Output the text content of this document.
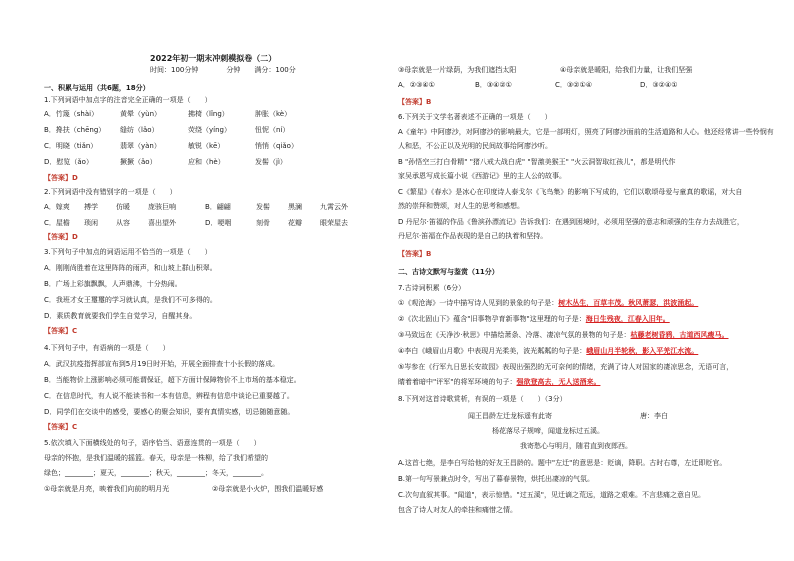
2022年初一期末冲刺模拟卷（二）
时间：100分钟　　　　分钟　　满分：100分
一、积累与运用（共6题，18分）
1.下列词语中加点字的注音完全正确的一项是（　　）
A．竹篾（shài）	黄晕（yùn）	拂椅（lǐng）	肿胀（kè）
B．搀扶（chēng） 缝纺（lǎo）	荧绕（yíng）	忸怩（ní）
C．明晓（tiǎn）	翡翠（yàn）	敏锐（kē）	悄悄（qiǎo）
D．慰览（ǎo）	撅撅（ǎo）	应和（hè）	发髻（jì）
【答案】D
2.下列词语中没有错别字的一项是（　　）
A．嫁爽 搏学	仿暖	庞骇巨响	B．翩翩	发髻	黑澜	九霄云外
C．屋檐 琐闲	从容	喜出望外	D．哽咽	刻骨	花瓣	眼荣屋去
【答案】D
3.下列句子中加点的词语运用不恰当的一项是（　　）
A．刚刚尚胜着在这里阵阵的雨声，和山坡上群山积翠。
B．广场上彩旗飘飘，人声鼎沸，十分热闹。
C．我班才女王璽璽的学习就认真，是我们不可多得的。
D．素质教育就要我们学生自觉学习，自醒其身。
【答案】C
4.下列句子中，有语病的一项是（　　）
A．武汉抗疫指挥部宣布到5月19日时开始，开展全面排查十小长假的落成。
B．当能物价上涨影响必须可能谓保证，超下方面计保障物价不上市场的基本稳定。
C．在信息时代，有人说不能读书和一本有信息，辨程有信息中谈论已重要越了。
D．同学们在交谈中的感受，要感心的聚会知识，要有真情实感，切忌随随意随。
【答案】C
5.依次填入下面横线处的句子，语序恰当、语意连贯的一项是（　　）
母亲的怀抱，是我们温暖的摇篮。春天，母亲是一株柳，给了我们希望的
绿色；________；夏天，________；秋天，________；冬天，________。
①母亲就是月亮，映着我们向前的明月光	②母亲就是小火炉，围我们温暖好感
③母亲就是一片绿荫，为我们遮挡太阳	④母亲就是暖阳，给我们力量，让我们坚强
A．②③④①	B．③④②①	C．③②①④	D．③②④①
【答案】B
6.下列关于文学名著表述不正确的一项是（　　）
A《童年》中阿廖沙，对阿廖沙的影响最大，它是一部明灯，照亮了阿廖沙面前的生活道路和人心。他还经常讲一些怜悯有
人和恶，不公正以及光明的民间故事给阿廖沙听。
B "孙悟空三打白骨精" "猪八戒大战白虎" "智激美猴王" "火云洞智取红孩儿"，都是明代作
家吴承恩写成长篇小说《西游记》里的主人公的故事。
C《繁星》《春水》是冰心在印度诗人泰戈尔《飞鸟集》的影响下写成的，它们以歌颂母爱与童真的歌谣，对大自
然的崇拜和赞颂，对人生的思考和感想。
D 丹尼尔·笛福的作品《鲁滨孙漂流记》告诉我们：在遇到困境时，必须用坚强的意志和顽强的生存力去战胜它，
丹尼尔·笛福在作品表现的是自己的执着和坚持。
【答案】B
二、古诗文默写与鉴赏（11分）
7.古诗词积累（6分）
①《观沧海》一诗中描写诗人见到的景象的句子是：树木丛生，百草丰茂。秋风萧瑟，洪波涌起。
②《次北固山下》蕴含"旧事物孕育新事物"这里理的句子是：海日生残夜，江春入旧年。
③马致远在《天净沙·秋思》中描绘萧条、冷落、凄凉气氛的景物的句子是：枯藤老树昏鸦，古道西风瘦马。
④李白《峨眉山月歌》中表现月光柔美，波光粼粼的句子是：峨眉山月半轮秋，影入平羌江水流。
⑤岑参在《行军九日思长安故园》表现出强烈的无可奈何的情绪，充满了诗人对国家的凄凉思念，无语可言，
睛着着暗中"评军"的将军环境的句子：强欲登高去，无人送酒来。
8.下列对这首诗歌赏析，有误的一项是（　　）（3分）
闻王昌龄左迁龙标遥有此寄	唐：李白
杨花落尽子规啼，闻道龙标过五溪。
我寄愁心与明月，随君直到夜郎西。
A.这首七绝，是李白写给他的好友王昌龄的。题中"左迁"的意思是：贬谪，降职。古时右尊，左迁即贬官。
B.第一句写景兼点时令，写出了暮春景物，烘托出凄凉的气氛。
C.次句直叙其事。"闻道"，表示惊惜。"过五溪"，见迁谪之荒远，道路之艰难。不言悲痛之意自见。
包含了诗人对友人的牵挂和痛惜之情。
